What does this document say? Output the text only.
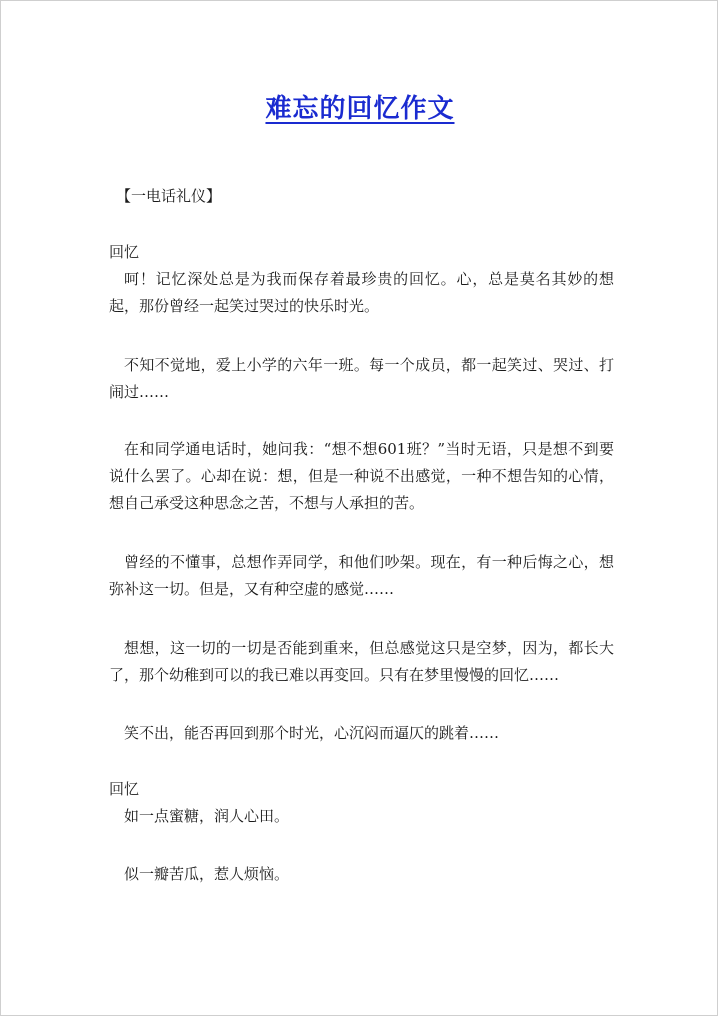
难忘的回忆作文
【一电话礼仪】
回忆
呵！记忆深处总是为我而保存着最珍贵的回忆。心，总是莫名其妙的想起，那份曾经一起笑过哭过的快乐时光。
不知不觉地，爱上小学的六年一班。每一个成员，都一起笑过、哭过、打闹过……
在和同学通电话时，她问我：“想不想601班？”当时无语，只是想不到要说什么罢了。心却在说：想，但是一种说不出感觉，一种不想告知的心情，想自己承受这种思念之苦，不想与人承担的苦。
曾经的不懂事，总想作弄同学，和他们吵架。现在，有一种后悔之心，想弥补这一切。但是，又有种空虚的感觉……
想想，这一切的一切是否能到重来，但总感觉这只是空梦，因为，都长大了，那个幼稚到可以的我已难以再变回。只有在梦里慢慢的回忆……
笑不出，能否再回到那个时光，心沉闷而逼仄的跳着……
回忆
如一点蜜糖，润人心田。
似一瓣苦瓜，惹人烦恼。
